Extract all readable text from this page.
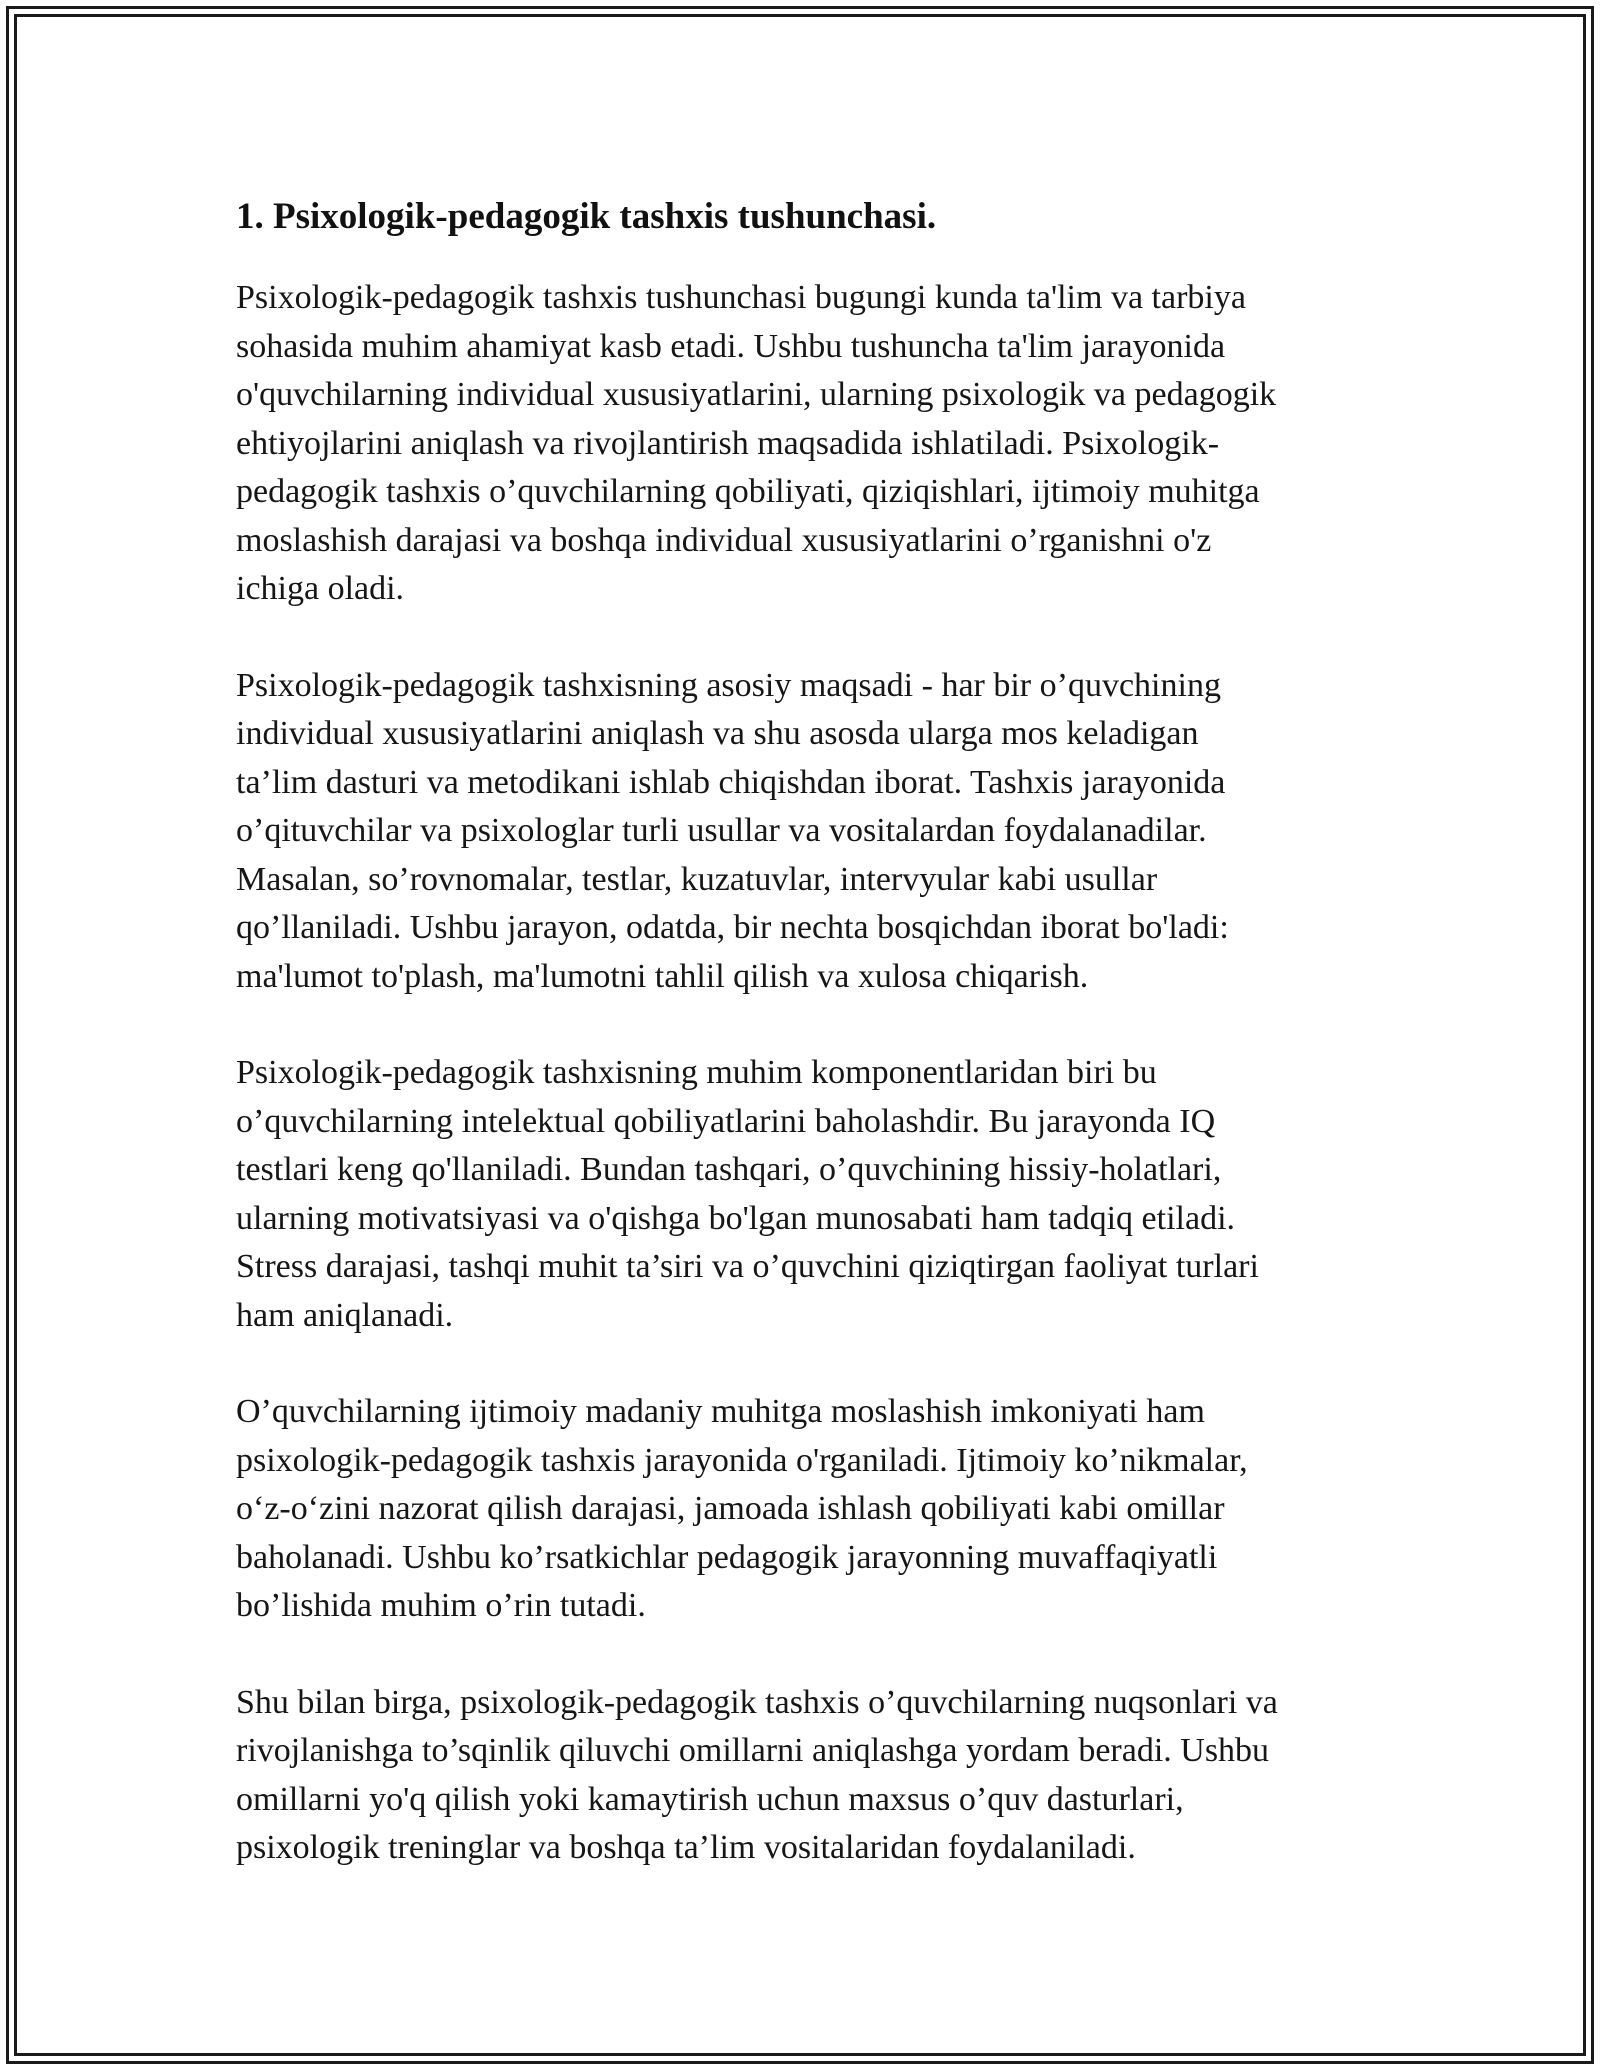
1. Psixologik-pedagogik tashxis tushunchasi.

Psixologik-pedagogik tashxis tushunchasi bugungi kunda ta'lim va tarbiya
sohasida muhim ahamiyat kasb etadi. Ushbu tushuncha ta'lim jarayonida
o'quvchilarning individual xususiyatlarini, ularning psixologik va pedagogik
ehtiyojlarini aniqlash va rivojlantirish maqsadida ishlatiladi. Psixologik-
pedagogik tashxis o’quvchilarning qobiliyati, qiziqishlari, ijtimoiy muhitga
moslashish darajasi va boshqa individual xususiyatlarini o’rganishni o'z
ichiga oladi.

Psixologik-pedagogik tashxisning asosiy maqsadi - har bir o’quvchining
individual xususiyatlarini aniqlash va shu asosda ularga mos keladigan
ta’lim dasturi va metodikani ishlab chiqishdan iborat. Tashxis jarayonida
o’qituvchilar va psixologlar turli usullar va vositalardan foydalanadilar.
Masalan, so’rovnomalar, testlar, kuzatuvlar, intervyular kabi usullar
qo’llaniladi. Ushbu jarayon, odatda, bir nechta bosqichdan iborat bo'ladi:
ma'lumot to'plash, ma'lumotni tahlil qilish va xulosa chiqarish.

Psixologik-pedagogik tashxisning muhim komponentlaridan biri bu
o’quvchilarning intelektual qobiliyatlarini baholashdir. Bu jarayonda IQ
testlari keng qo'llaniladi. Bundan tashqari, o’quvchining hissiy-holatlari,
ularning motivatsiyasi va o'qishga bo'lgan munosabati ham tadqiq etiladi.
Stress darajasi, tashqi muhit ta’siri va o’quvchini qiziqtirgan faoliyat turlari
ham aniqlanadi.

O’quvchilarning ijtimoiy madaniy muhitga moslashish imkoniyati ham
psixologik-pedagogik tashxis jarayonida o'rganiladi. Ijtimoiy ko’nikmalar,
o‘z-o‘zini nazorat qilish darajasi, jamoada ishlash qobiliyati kabi omillar
baholanadi. Ushbu ko’rsatkichlar pedagogik jarayonning muvaffaqiyatli
bo’lishida muhim o’rin tutadi.

Shu bilan birga, psixologik-pedagogik tashxis o’quvchilarning nuqsonlari va
rivojlanishga to’sqinlik qiluvchi omillarni aniqlashga yordam beradi. Ushbu
omillarni yo'q qilish yoki kamaytirish uchun maxsus o’quv dasturlari,
psixologik treninglar va boshqa ta’lim vositalaridan foydalaniladi.
